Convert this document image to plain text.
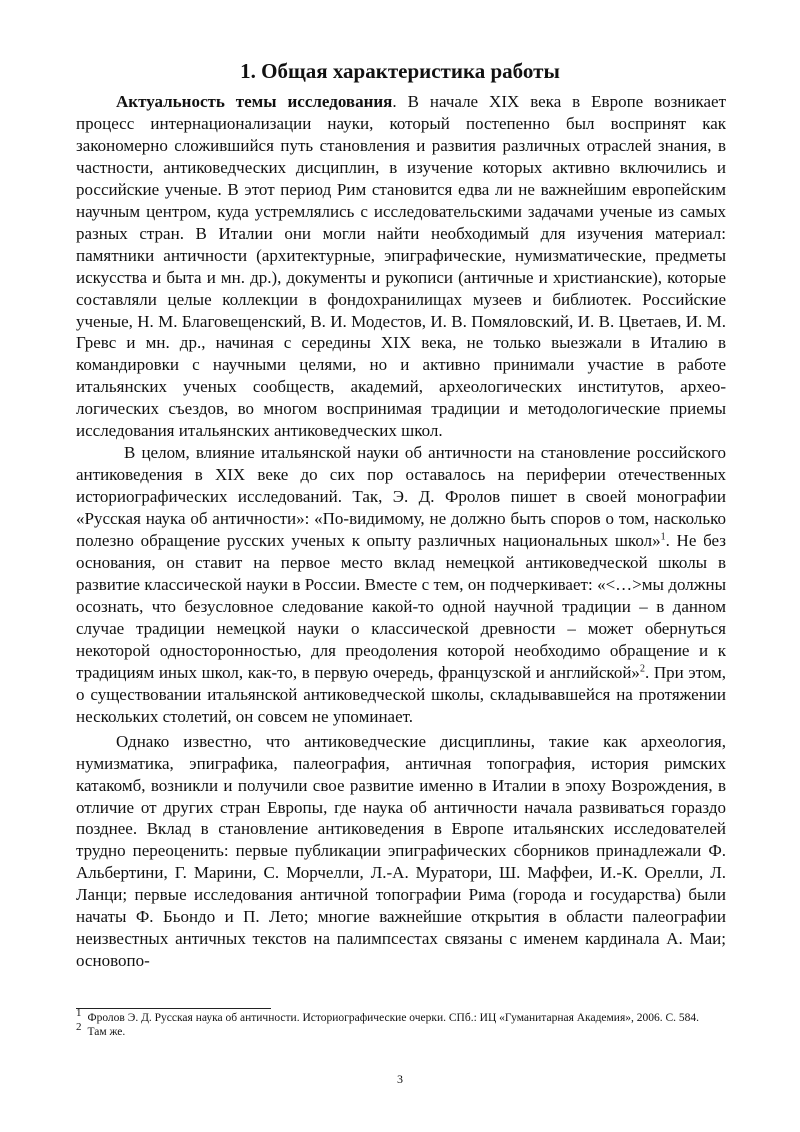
1. Общая характеристика работы

Актуальность темы исследования. В начале XIX века в Европе возникает процесс интернационализации науки, который постепенно был воспринят как закономерно сложившийся путь становления и развития различных отраслей знания, в частности, антиковедческих дисциплин, в изучение которых активно включились и российские ученые. В этот период Рим становится едва ли не важнейшим европейским научным центром, куда устремлялись с исследовательскими задачами ученые из самых разных стран. В Италии они могли найти необходимый для изучения материал: памятники античности (архитектурные, эпиграфические, нумизматические, предметы искусства и быта и мн. др.), документы и рукописи (античные и христианские), которые составляли целые коллекции в фондохранилищах музеев и библиотек. Российские ученые, Н. М. Благовещенский, В. И. Модестов, И. В. Помяловский, И. В. Цветаев, И. М. Гревс и мн. др., начиная с середины XIX века, не только выезжали в Италию в командировки с научными целями, но и активно принимали участие в работе итальянских ученых сообществ, академий, археологических институтов, археологических съездов, во многом воспринимая традиции и методологические приемы исследования итальянских антиковедческих школ.

В целом, влияние итальянской науки об античности на становление российского антиковедения в XIX веке до сих пор оставалось на периферии отечественных историографических исследований. Так, Э. Д. Фролов пишет в своей монографии «Русская наука об античности»: «По-видимому, не должно быть споров о том, насколько полезно обращение русских ученых к опыту различных национальных школ»$^1$. Не без основания, он ставит на первое место вклад немецкой антиковедческой школы в развитие классической науки в России. Вместе с тем, он подчеркивает: «<…>мы должны осознать, что безусловное следование какой-то одной научной традиции – в данном случае традиции немецкой науки о классической древности – может обернуться некоторой односторонностью, для преодоления которой необходимо обращение и к традициям иных школ, как-то, в первую очередь, французской и английской»$^2$. При этом, о существовании итальянской антиковедческой школы, складывавшейся на протяжении нескольких столетий, он совсем не упоминает.

Однако известно, что антиковедческие дисциплины, такие как археология, нумизматика, эпиграфика, палеография, античная топография, история римских катакомб, возникли и получили свое развитие именно в Италии в эпоху Возрождения, в отличие от других стран Европы, где наука об античности начала развиваться гораздо позднее. Вклад в становление антиковедения в Европе итальянских исследователей трудно переоценить: первые публикации эпиграфических сборников принадлежали Ф. Альбертини, Г. Марини, С. Морчелли, Л.-А. Муратори, Ш. Маффеи, И.-К. Орелли, Л. Ланци; первые исследования античной топографии Рима (города и государства) были начаты Ф. Бьондо и П. Лето; многие важнейшие открытия в области палеографии неизвестных античных текстов на палимпсестах связаны с именем кардинала А. Маи; основопо-

1 Фролов Э. Д. Русская наука об античности. Историографические очерки. СПб.: ИЦ «Гуманитарная Академия», 2006. С. 584.

2 Там же.

3
